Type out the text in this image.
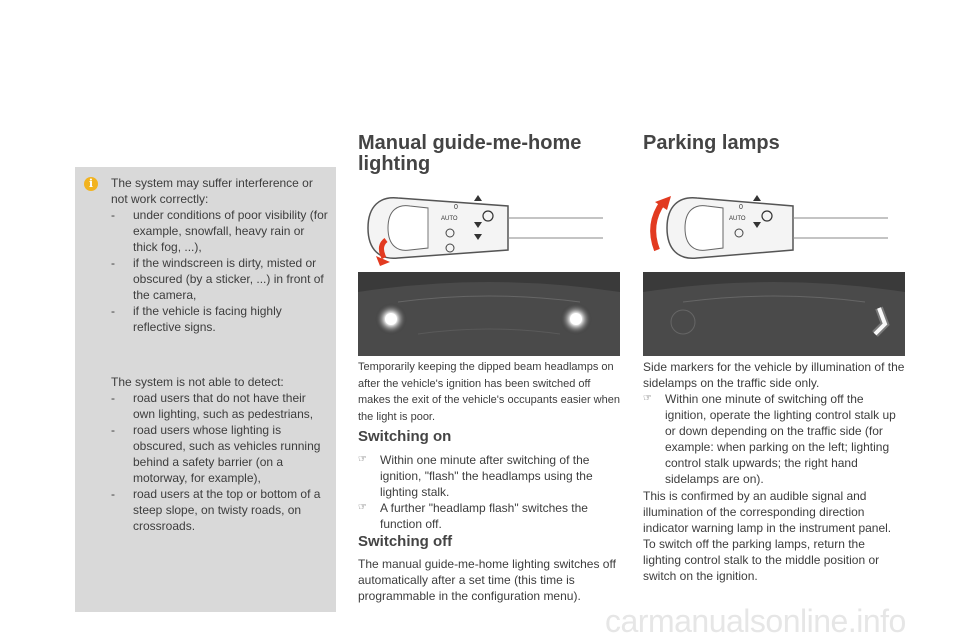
i	The system may suffer interference or not work correctly:
-	under conditions of poor visibility (for example, snowfall, heavy rain or thick fog, ...),
-	if the windscreen is dirty, misted or obscured (by a sticker, ...) in front of the camera,
-	if the vehicle is facing highly reflective signs.
The system is not able to detect:
-	road users that do not have their own lighting, such as pedestrians,
-	road users whose lighting is obscured, such as vehicles running behind a safety barrier (on a motorway, for example),
-	road users at the top or bottom of a steep slope, on twisty roads, on crossroads.
Manual guide-me-home
lighting
0
AUTO
Temporarily keeping the dipped beam headlamps on after the vehicle's ignition has been switched off makes the exit of the vehicle's occupants easier when the light is poor.
Switching on
☞	Within one minute after switching of the ignition, "flash" the headlamps using the lighting stalk.
☞	A further "headlamp flash" switches the function off.
Switching off
The manual guide-me-home lighting switches off automatically after a set time (this time is programmable in the configuration menu).
Parking lamps
0
AUTO
Side markers for the vehicle by illumination of the sidelamps on the traffic side only.
☞	Within one minute of switching off the ignition, operate the lighting control stalk up or down depending on the traffic side (for example: when parking on the left; lighting control stalk upwards; the right hand sidelamps are on).
This is confirmed by an audible signal and illumination of the corresponding direction indicator warning lamp in the instrument panel.
To switch off the parking lamps, return the lighting control stalk to the middle position or switch on the ignition.
carmanualsonline.info
